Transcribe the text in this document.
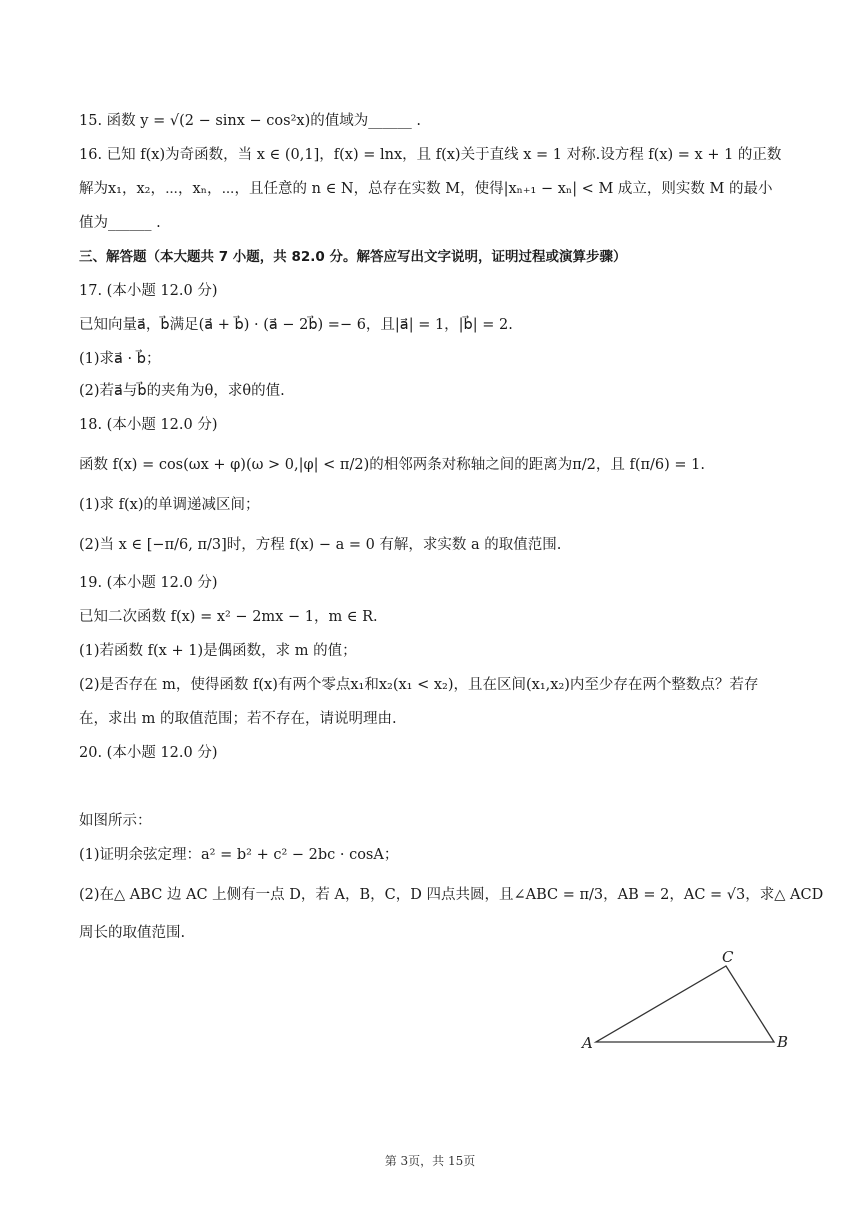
15. 函数 y = √(2 − sinx − cos²x)的值域为______ .
16. 已知 f(x)为奇函数，当 x ∈ (0,1]，f(x) = lnx，且 f(x)关于直线 x = 1 对称.设方程 f(x) = x + 1 的正数
解为x₁，x₂，⋯，xₙ，⋯，且任意的 n ∈ N，总存在实数 M，使得|xₙ₊₁ − xₙ| < M 成立，则实数 M 的最小
值为______ .
三、解答题（本大题共 7 小题，共 82.0 分。解答应写出文字说明，证明过程或演算步骤）
17. (本小题 12.0 分)
已知向量a⃗，b⃗满足(a⃗ + b⃗) · (a⃗ − 2b⃗) =− 6，且|a⃗| = 1，|b⃗| = 2.
(1)求a⃗ · b⃗；
(2)若a⃗与b⃗的夹角为θ，求θ的值.
18. (本小题 12.0 分)
函数 f(x) = cos(ωx + φ)(ω > 0,|φ| < π/2)的相邻两条对称轴之间的距离为π/2，且 f(π/6) = 1.
(1)求 f(x)的单调递减区间；
(2)当 x ∈ [−π/6, π/3]时，方程 f(x) − a = 0 有解，求实数 a 的取值范围.
19. (本小题 12.0 分)
已知二次函数 f(x) = x² − 2mx − 1，m ∈ R.
(1)若函数 f(x + 1)是偶函数，求 m 的值；
(2)是否存在 m，使得函数 f(x)有两个零点x₁和x₂(x₁ < x₂)，且在区间(x₁,x₂)内至少存在两个整数点？若存
在，求出 m 的取值范围；若不存在，请说明理由.
20. (本小题 12.0 分)
如图所示：
(1)证明余弦定理：a² = b² + c² − 2bc · cosA；
(2)在△ ABC 边 AC 上侧有一点 D，若 A，B，C，D 四点共圆，且∠ABC = π/3，AB = 2，AC = √3，求△ ACD
周长的取值范围.
A	B
C
第 3页，共 15页
